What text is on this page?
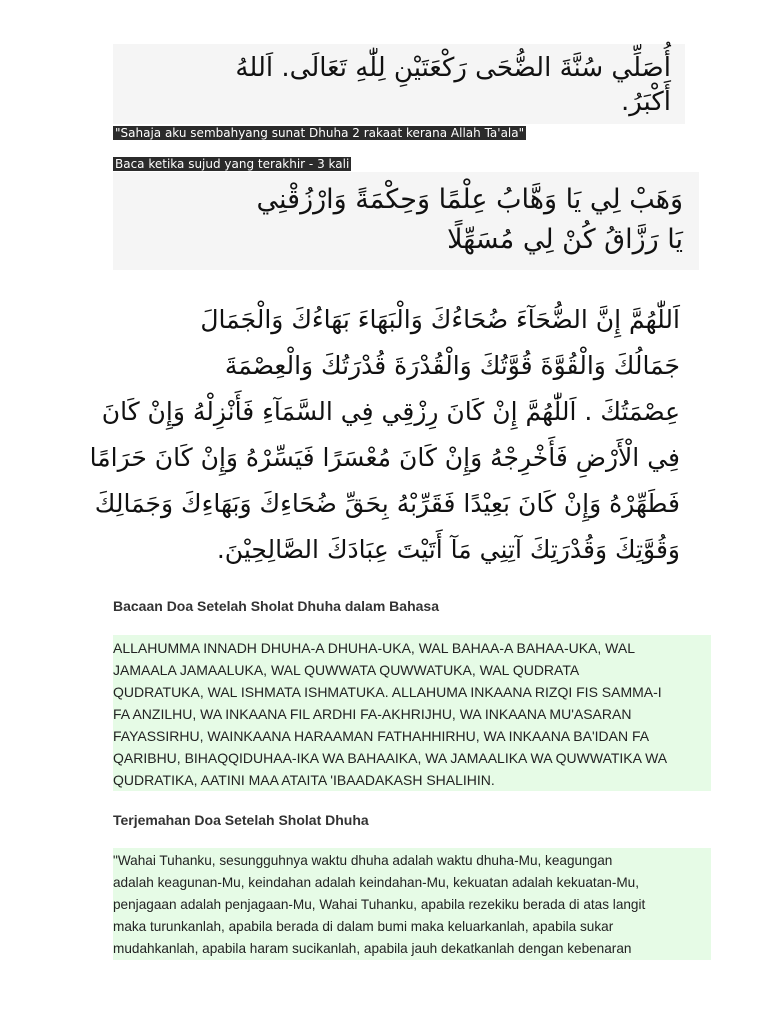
أُصَلِّي سُنَّةَ الضُّحَى رَكْعَتَيْنِ لِلّٰهِ تَعَالَى. اَللهُ
أَكْبَرُ.
"Sahaja aku sembahyang sunat Dhuha 2 rakaat kerana Allah Ta'ala"
Baca ketika sujud yang terakhir - 3 kali
وَهَبْ لِي يَا وَهَّابُ عِلْمًا وَحِكْمَةً وَارْزُقْنِي
يَا رَزَّاقُ كُنْ لِي مُسَهِّلًا
اَللّٰهُمَّ إِنَّ الضُّحَآءَ ضُحَاءُكَ وَالْبَهَاءَ بَهَاءُكَ وَالْجَمَالَ
جَمَالُكَ وَالْقُوَّةَ قُوَّتُكَ وَالْقُدْرَةَ قُدْرَتُكَ وَالْعِصْمَةَ
عِصْمَتُكَ . اَللّٰهُمَّ إِنْ كَانَ رِزْقِي فِي السَّمَآءِ فَأَنْزِلْهُ وَإِنْ كَانَ
فِي الْأَرْضِ فَأَخْرِجْهُ وَإِنْ كَانَ مُعْسَرًا فَيَسِّرْهُ وَإِنْ كَانَ حَرَامًا
فَطَهِّرْهُ وَإِنْ كَانَ بَعِيْدًا فَقَرِّبْهُ بِحَقِّ ضُحَاءِكَ وَبَهَاءِكَ وَجَمَالِكَ
وَقُوَّتِكَ وَقُدْرَتِكَ آتِنِي مَآ أَتَيْتَ عِبَادَكَ الصَّالِحِيْنَ.
Bacaan Doa Setelah Sholat Dhuha dalam Bahasa
ALLAHUMMA INNADH DHUHA-A DHUHA-UKA, WAL BAHAA-A BAHAA-UKA, WAL
JAMAALA JAMAALUKA, WAL QUWWATA QUWWATUKA, WAL QUDRATA
QUDRATUKA, WAL ISHMATA ISHMATUKA. ALLAHUMA INKAANA RIZQI FIS SAMMA-I
FA ANZILHU, WA INKAANA FIL ARDHI FA-AKHRIJHU, WA INKAANA MU'ASARAN
FAYASSIRHU, WAINKAANA HARAAMAN FATHAHHIRHU, WA INKAANA BA'IDAN FA
QARIBHU, BIHAQQIDUHAA-IKA WA BAHAAIKA, WA JAMAALIKA WA QUWWATIKA WA
QUDRATIKA, AATINI MAA ATAITA 'IBAADAKASH SHALIHIN.
Terjemahan Doa Setelah Sholat Dhuha
"Wahai Tuhanku, sesungguhnya waktu dhuha adalah waktu dhuha-Mu, keagungan
adalah keagunan-Mu, keindahan adalah keindahan-Mu, kekuatan adalah kekuatan-Mu,
penjagaan adalah penjagaan-Mu, Wahai Tuhanku, apabila rezekiku berada di atas langit
maka turunkanlah, apabila berada di dalam bumi maka keluarkanlah, apabila sukar
mudahkanlah, apabila haram sucikanlah, apabila jauh dekatkanlah dengan kebenaran
